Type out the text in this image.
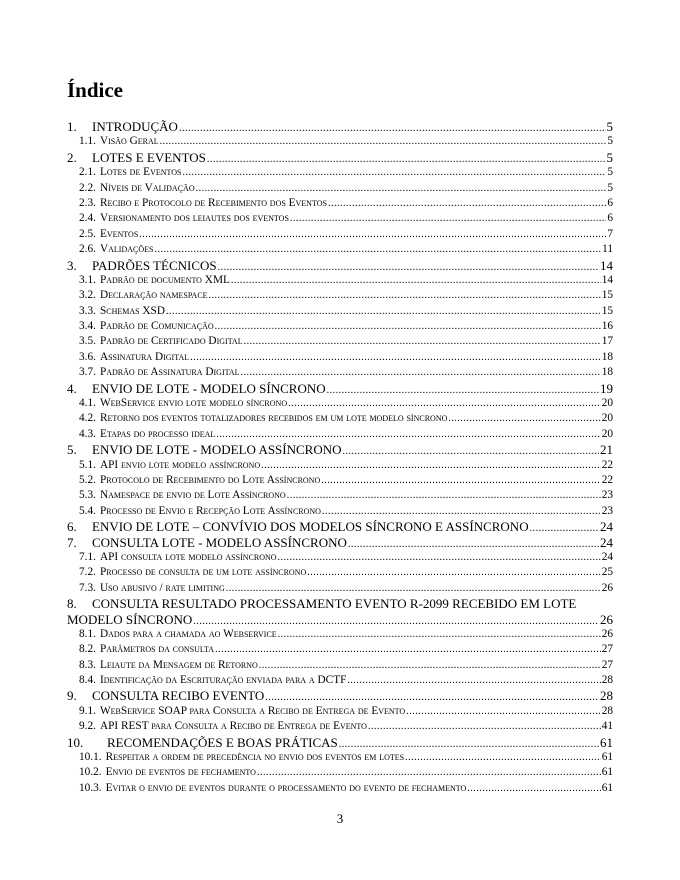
Índice
1.	INTRODUÇÃO .....	5
1.1. Visão Geral .....	5
2.	LOTES E EVENTOS .....	5
2.1. Lotes de Eventos .....	5
2.2. Níveis de Validação .....	5
2.3. Recibo e Protocolo de Recebimento dos Eventos .....	6
2.4. Versionamento dos leiautes dos eventos .....	6
2.5. Eventos .....	7
2.6. Validações .....	11
3.	PADRÕES TÉCNICOS .....	14
3.1. Padrão de documento XML .....	14
3.2. Declaração namespace .....	15
3.3. Schemas XSD .....	15
3.4. Padrão de Comunicação .....	16
3.5. Padrão de Certificado Digital .....	17
3.6. Assinatura Digital .....	18
3.7. Padrão de Assinatura Digital .....	18
4.	ENVIO DE LOTE - MODELO SÍNCRONO .....	19
4.1. WebService envio lote modelo síncrono .....	20
4.2. Retorno dos eventos totalizadores recebidos em um lote modelo síncrono .....	20
4.3. Etapas do processo ideal .....	20
5.	ENVIO DE LOTE - MODELO ASSÍNCRONO .....	21
5.1. API envio lote modelo assíncrono .....	22
5.2. Protocolo de Recebimento do Lote Assíncrono .....	22
5.3. Namespace de envio de Lote Assíncrono .....	23
5.4. Processo de Envio e Recepção Lote Assíncrono .....	23
6.	ENVIO DE LOTE – CONVÍVIO DOS MODELOS SÍNCRONO E ASSÍNCRONO .....	24
7.	CONSULTA LOTE - MODELO ASSÍNCRONO .....	24
7.1. API consulta lote modelo assíncrono .....	24
7.2. Processo de consulta de um lote assíncrono .....	25
7.3. Uso abusivo / rate limiting .....	26
8.	CONSULTA RESULTADO PROCESSAMENTO EVENTO R-2099 RECEBIDO EM LOTE
MODELO SÍNCRONO .....	26
8.1. Dados para a chamada ao Webservice .....	26
8.2. Parâmetros da consulta .....	27
8.3. Leiaute da Mensagem de Retorno .....	27
8.4. Identificação da Escrituração enviada para a DCTF .....	28
9.	CONSULTA RECIBO EVENTO .....	28
9.1. WebService SOAP para Consulta a Recibo de Entrega de Evento .....	28
9.2. API REST para Consulta a Recibo de Entrega de Evento .....	41
10.	RECOMENDAÇÕES E BOAS PRÁTICAS .....	61
10.1. Respeitar a ordem de precedência no envio dos eventos em lotes .....	61
10.2. Envio de eventos de fechamento .....	61
10.3. Evitar o envio de eventos durante o processamento do evento de fechamento .....	61
3
